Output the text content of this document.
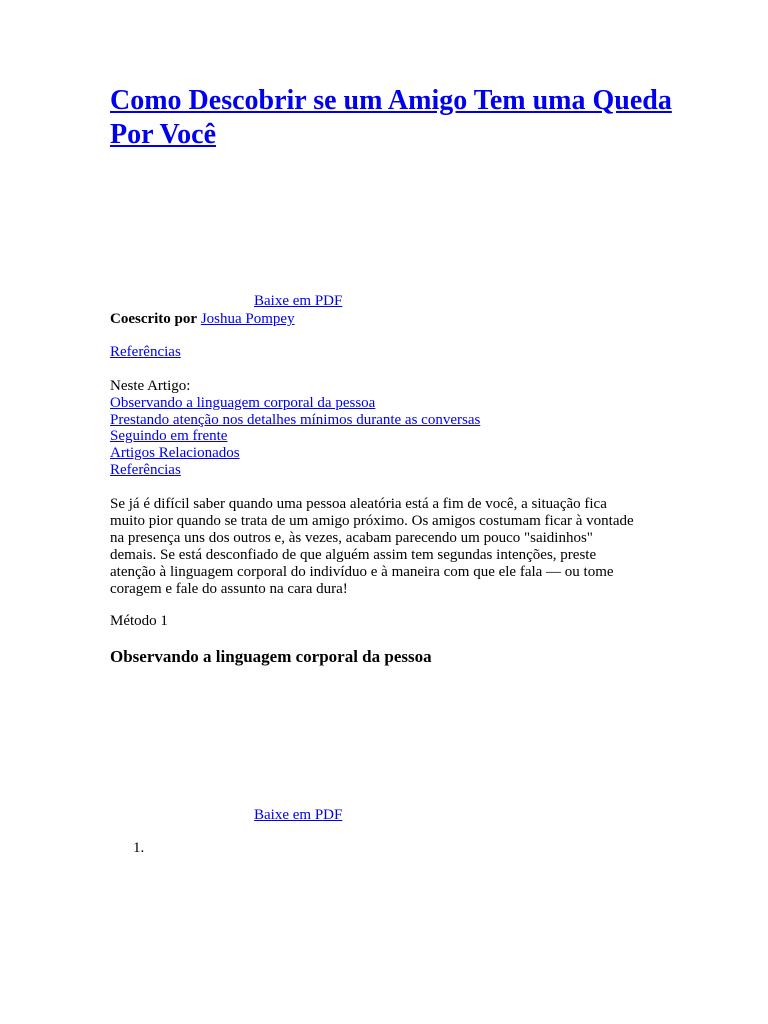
Como Descobrir se um Amigo Tem uma Queda Por Você
Baixe em PDF
Coescrito por Joshua Pompey
Referências
Neste Artigo:
Observando a linguagem corporal da pessoa
Prestando atenção nos detalhes mínimos durante as conversas
Seguindo em frente
Artigos Relacionados
Referências

Se já é difícil saber quando uma pessoa aleatória está a fim de você, a situação fica
muito pior quando se trata de um amigo próximo. Os amigos costumam ficar à vontade
na presença uns dos outros e, às vezes, acabam parecendo um pouco "saidinhos"
demais. Se está desconfiado de que alguém assim tem segundas intenções, preste
atenção à linguagem corporal do indivíduo e à maneira com que ele fala — ou tome
coragem e fale do assunto na cara dura!

Método 1
Observando a linguagem corporal da pessoa
Baixe em PDF
1.
